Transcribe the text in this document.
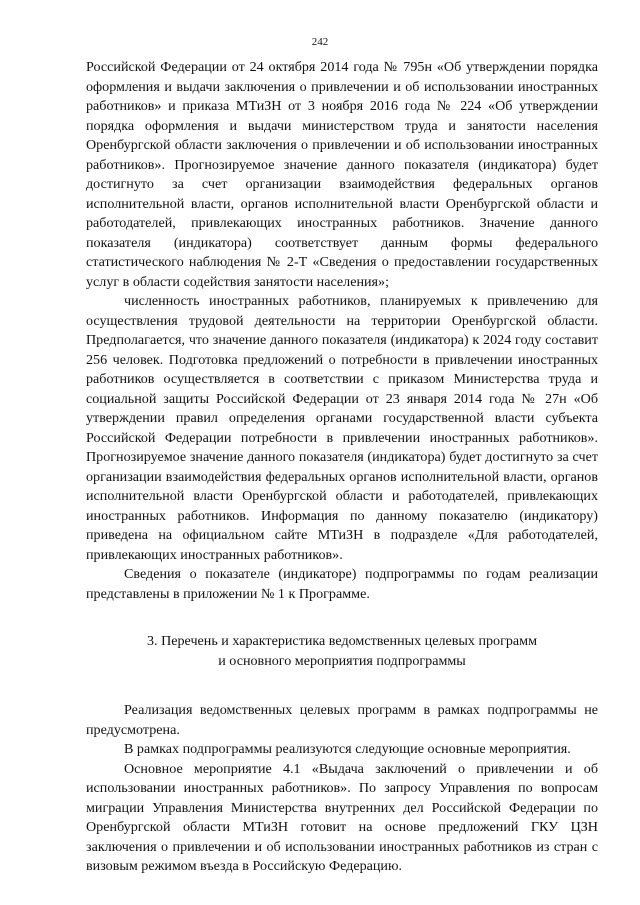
242

Российской Федерации от 24 октября 2014 года № 795н «Об утверждении порядка оформления и выдачи заключения о привлечении и об использовании иностранных работников» и приказа МТиЗН от 3 ноября 2016 года № 224 «Об утверждении порядка оформления и выдачи министерством труда и занятости населения Оренбургской области заключения о привлечении и об использовании иностранных работников». Прогнозируемое значение данного показателя (индикатора) будет достигнуто за счет организации взаимодействия федеральных органов исполнительной власти, органов исполнительной власти Оренбургской области и работодателей, привлекающих иностранных работников. Значение данного показателя (индикатора) соответствует данным формы федерального статистического наблюдения № 2-Т «Сведения о предоставлении государственных услуг в области содействия занятости населения»;

численность иностранных работников, планируемых к привлечению для осуществления трудовой деятельности на территории Оренбургской области. Предполагается, что значение данного показателя (индикатора) к 2024 году составит 256 человек. Подготовка предложений о потребности в привлечении иностранных работников осуществляется в соответствии с приказом Министерства труда и социальной защиты Российской Федерации от 23 января 2014 года № 27н «Об утверждении правил определения органами государственной власти субъекта Российской Федерации потребности в привлечении иностранных работников». Прогнозируемое значение данного показателя (индикатора) будет достигнуто за счет организации взаимодействия федеральных органов исполнительной власти, органов исполнительной власти Оренбургской области и работодателей, привлекающих иностранных работников. Информация по данному показателю (индикатору) приведена на официальном сайте МТиЗН в подразделе «Для работодателей, привлекающих иностранных работников».

Сведения о показателе (индикаторе) подпрограммы по годам реализации представлены в приложении № 1 к Программе.

3. Перечень и характеристика ведомственных целевых программ
и основного мероприятия подпрограммы

Реализация ведомственных целевых программ в рамках подпрограммы не предусмотрена.

В рамках подпрограммы реализуются следующие основные мероприятия.

Основное мероприятие 4.1 «Выдача заключений о привлечении и об использовании иностранных работников». По запросу Управления по вопросам миграции Управления Министерства внутренних дел Российской Федерации по Оренбургской области МТиЗН готовит на основе предложений ГКУ ЦЗН заключения о привлечении и об использовании иностранных работников из стран с визовым режимом въезда в Российскую Федерацию.
